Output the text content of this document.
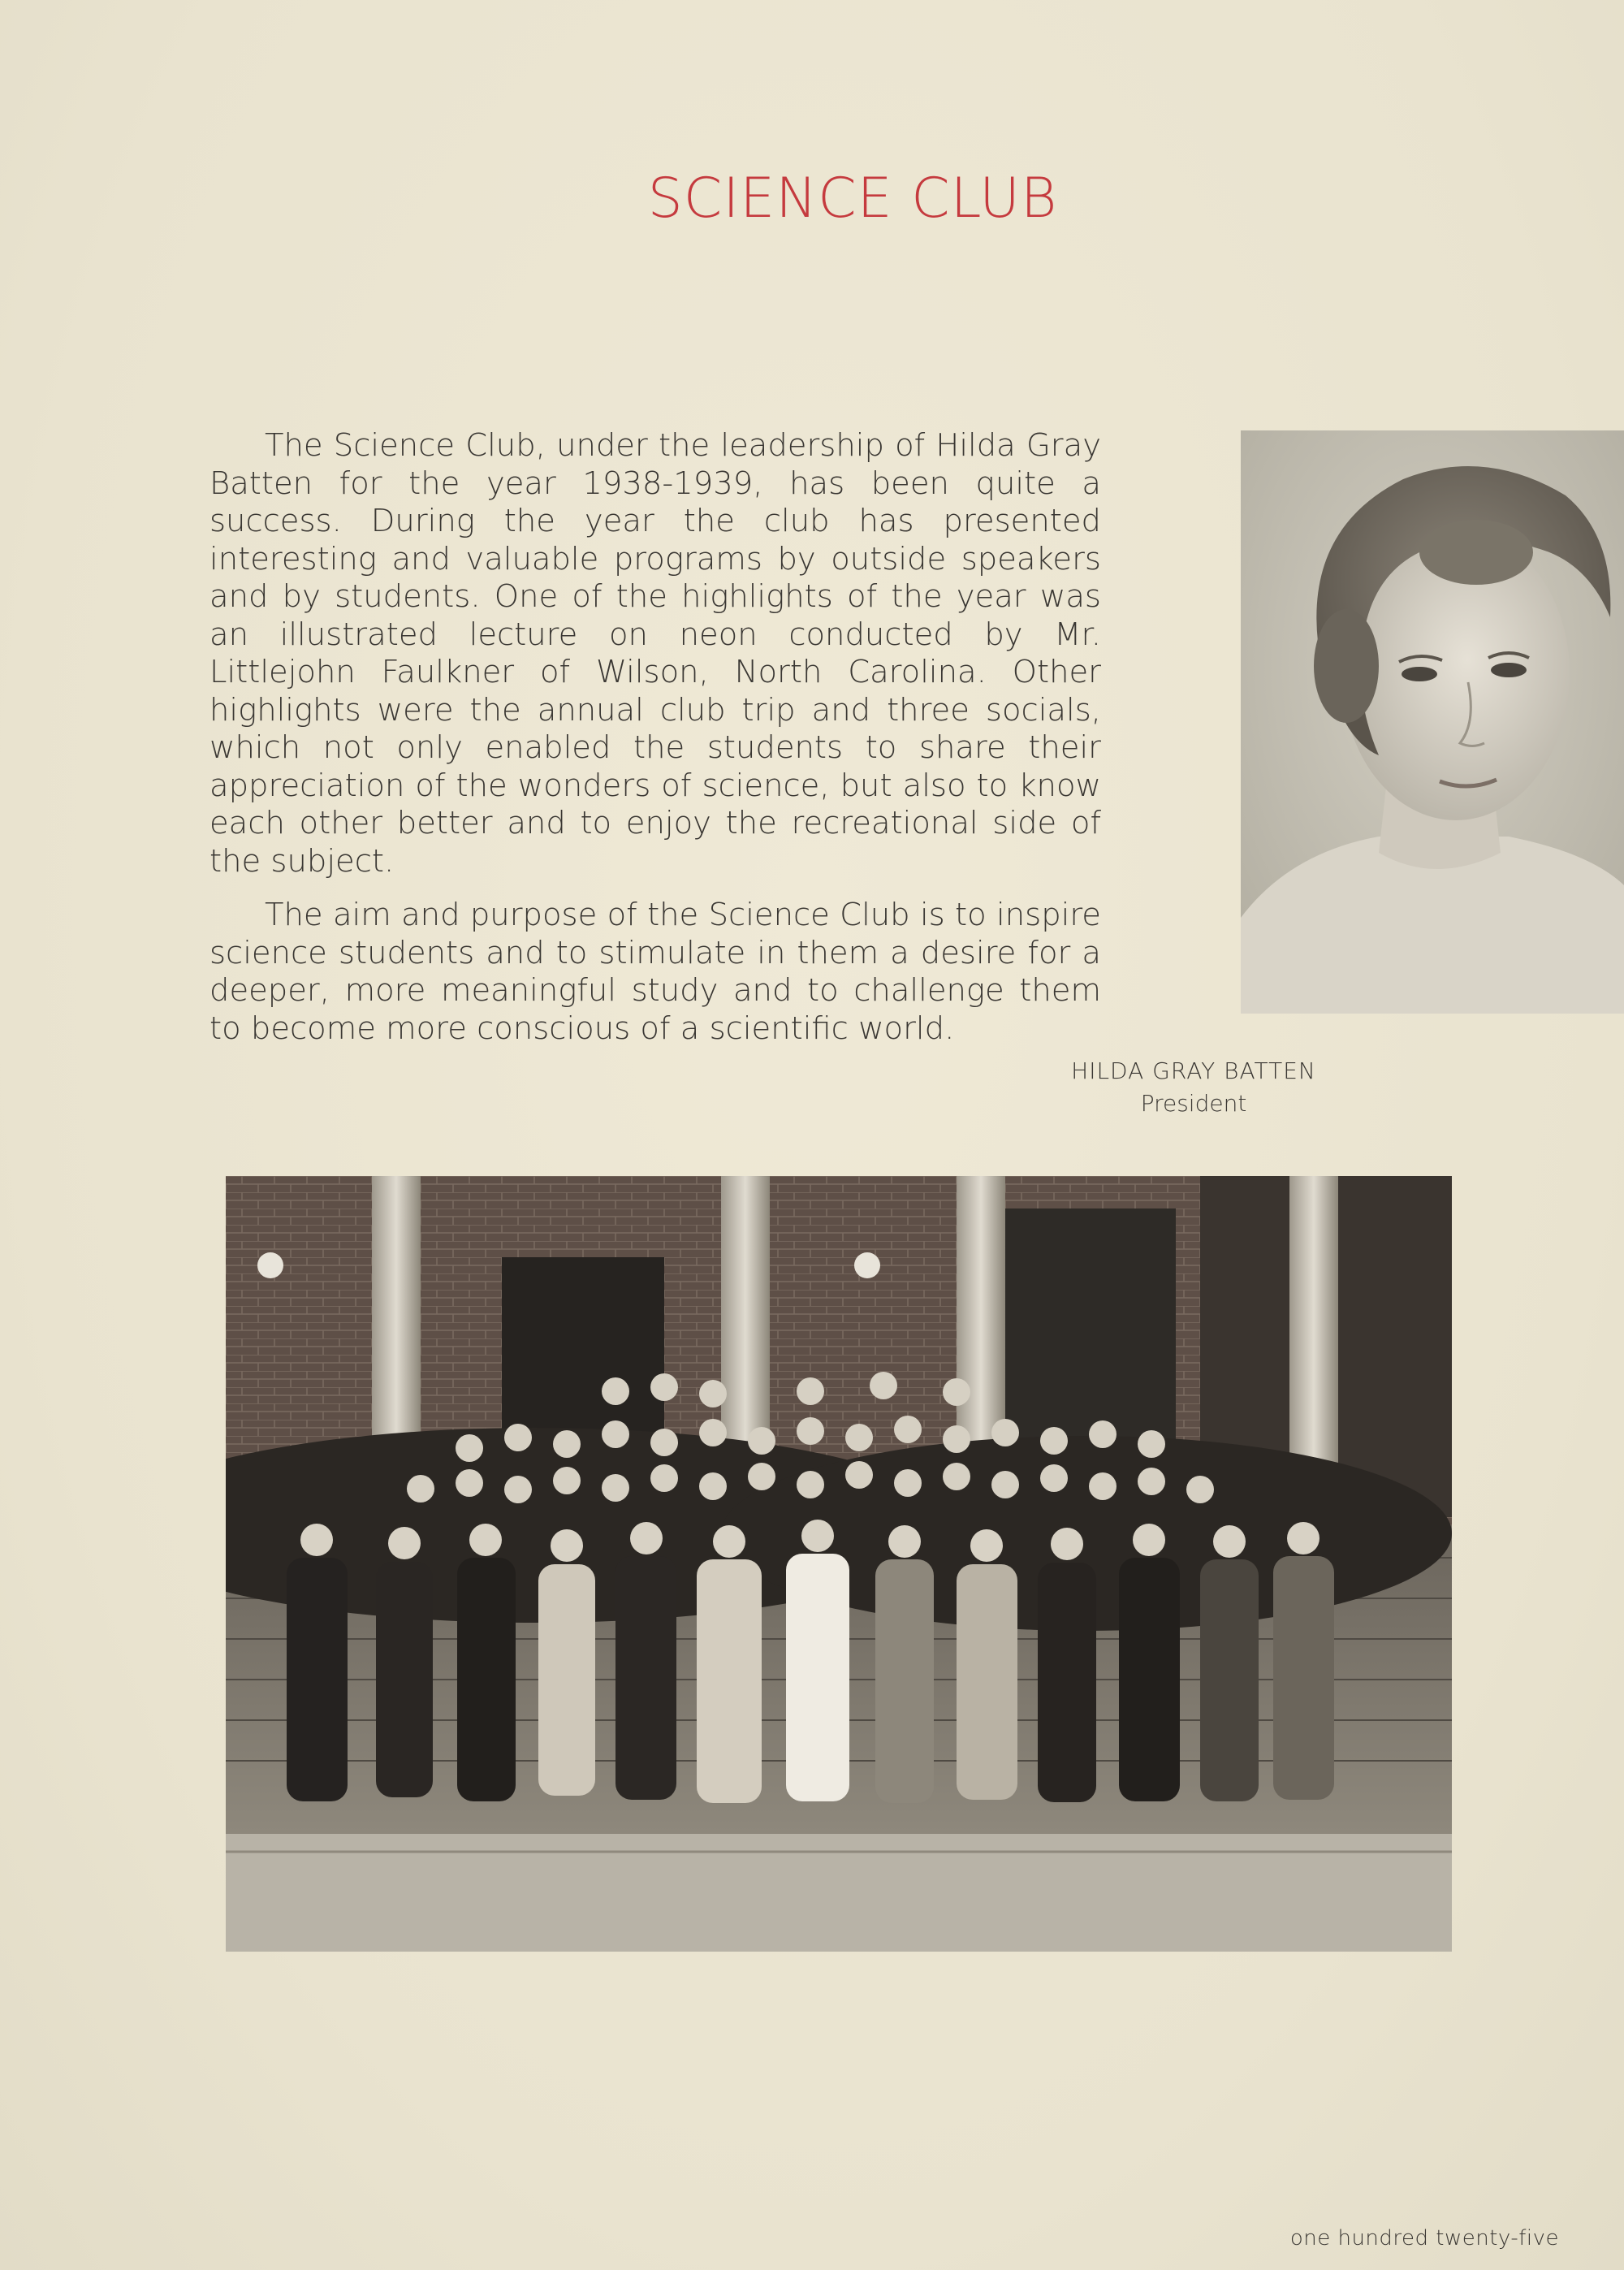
SCIENCE CLUB

The Science Club, under the leadership of Hilda Gray Batten for the year 1938-1939, has been quite a success. During the year the club has presented interesting and valuable programs by outside speakers and by students. One of the highlights of the year was an illustrated lecture on neon conducted by Mr. Littlejohn Faulkner of Wilson, North Carolina. Other highlights were the annual club trip and three socials, which not only enabled the students to share their appreciation of the wonders of science, but also to know each other better and to enjoy the recreational side of the subject.

The aim and purpose of the Science Club is to inspire science students and to stimulate in them a desire for a deeper, more meaningful study and to challenge them to become more conscious of a scientific world.

HILDA GRAY BATTEN
President
one hundred twenty-five
